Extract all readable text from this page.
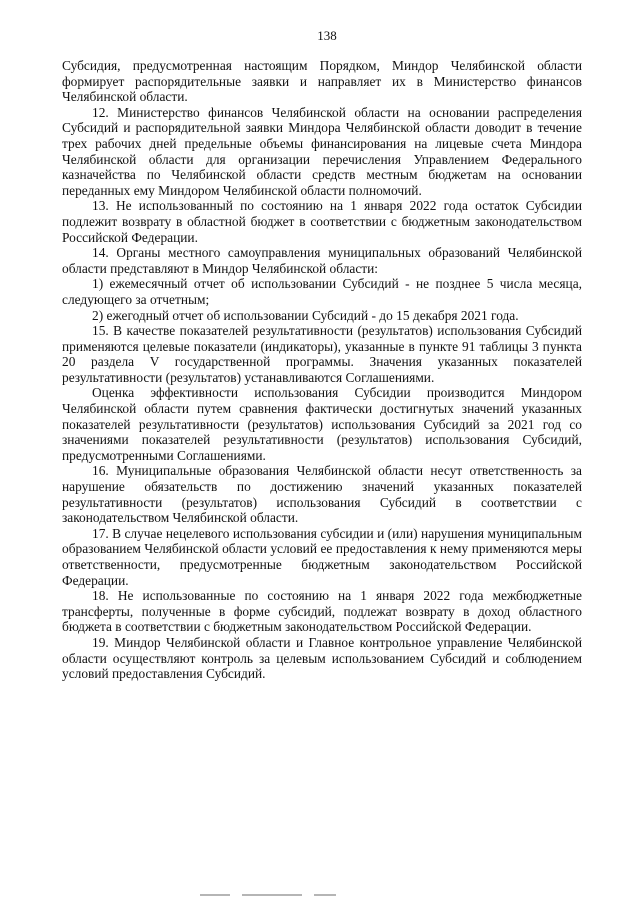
138

Субсидия, предусмотренная настоящим Порядком, Миндор Челябинской области формирует распорядительные заявки и направляет их в Министерство финансов Челябинской области.

12. Министерство финансов Челябинской области на основании распределения Субсидий и распорядительной заявки Миндора Челябинской области доводит в течение трех рабочих дней предельные объемы финансирования на лицевые счета Миндора Челябинской области для организации перечисления Управлением Федерального казначейства по Челябинской области средств местным бюджетам на основании переданных ему Миндором Челябинской области полномочий.

13. Не использованный по состоянию на 1 января 2022 года остаток Субсидии подлежит возврату в областной бюджет в соответствии с бюджетным законодательством Российской Федерации.

14. Органы местного самоуправления муниципальных образований Челябинской области представляют в Миндор Челябинской области:

1) ежемесячный отчет об использовании Субсидий - не позднее 5 числа месяца, следующего за отчетным;

2) ежегодный отчет об использовании Субсидий - до 15 декабря 2021 года.

15. В качестве показателей результативности (результатов) использования Субсидий применяются целевые показатели (индикаторы), указанные в пункте 91 таблицы 3 пункта 20 раздела V государственной программы. Значения указанных показателей результативности (результатов) устанавливаются Соглашениями.

Оценка эффективности использования Субсидии производится Миндором Челябинской области путем сравнения фактически достигнутых значений указанных показателей результативности (результатов) использования Субсидий за 2021 год со значениями показателей результативности (результатов) использования Субсидий, предусмотренными Соглашениями.

16. Муниципальные образования Челябинской области несут ответственность за нарушение обязательств по достижению значений указанных показателей результативности (результатов) использования Субсидий в соответствии с законодательством Челябинской области.

17. В случае нецелевого использования субсидии и (или) нарушения муниципальным образованием Челябинской области условий ее предоставления к нему применяются меры ответственности, предусмотренные бюджетным законодательством Российской Федерации.

18. Не использованные по состоянию на 1 января 2022 года межбюджетные трансферты, полученные в форме субсидий, подлежат возврату в доход областного бюджета в соответствии с бюджетным законодательством Российской Федерации.

19. Миндор Челябинской области и Главное контрольное управление Челябинской области осуществляют контроль за целевым использованием Субсидий и соблюдением условий предоставления Субсидий.
